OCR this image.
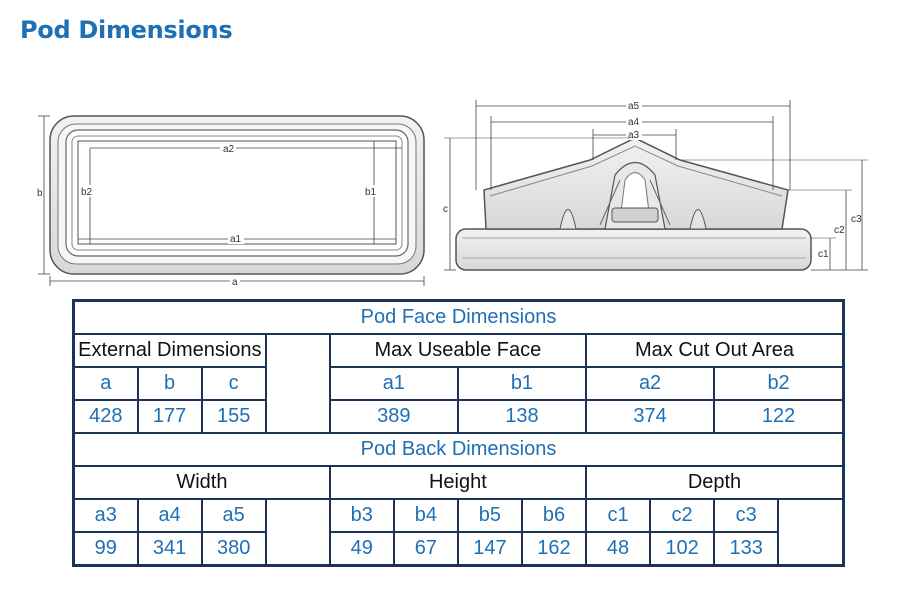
Pod Dimensions
a2
a1
b2	b1
b
a
a5
a4
a3
c
c1
c2
c3
Pod Face Dimensions											
External Dimensions				Max Useable Face				Max Cut Out Area			
a	b	c		a1		b1		a2		b2	
428	177	155		389		138		374		122	
Pod Back Dimensions											
Width				Height				Depth			
a3	a4	a5		b3	b4	b5	b6	c1	c2	c3	
99	341	380		49	67	147	162	48	102	133	
